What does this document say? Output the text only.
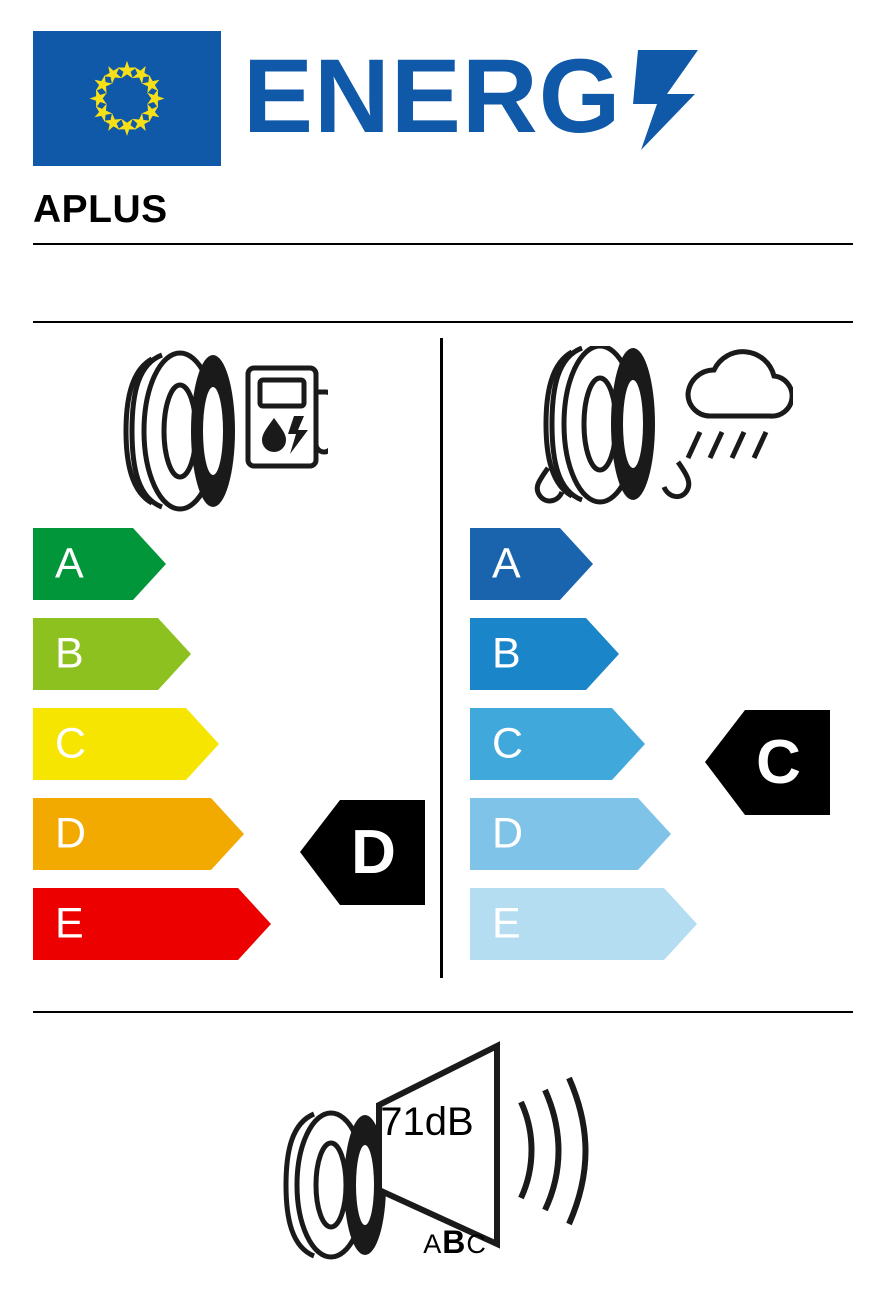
ENERG
APLUS
A
B
C
D
E
A
B
C
D
E
D
C
71dB
ABC
